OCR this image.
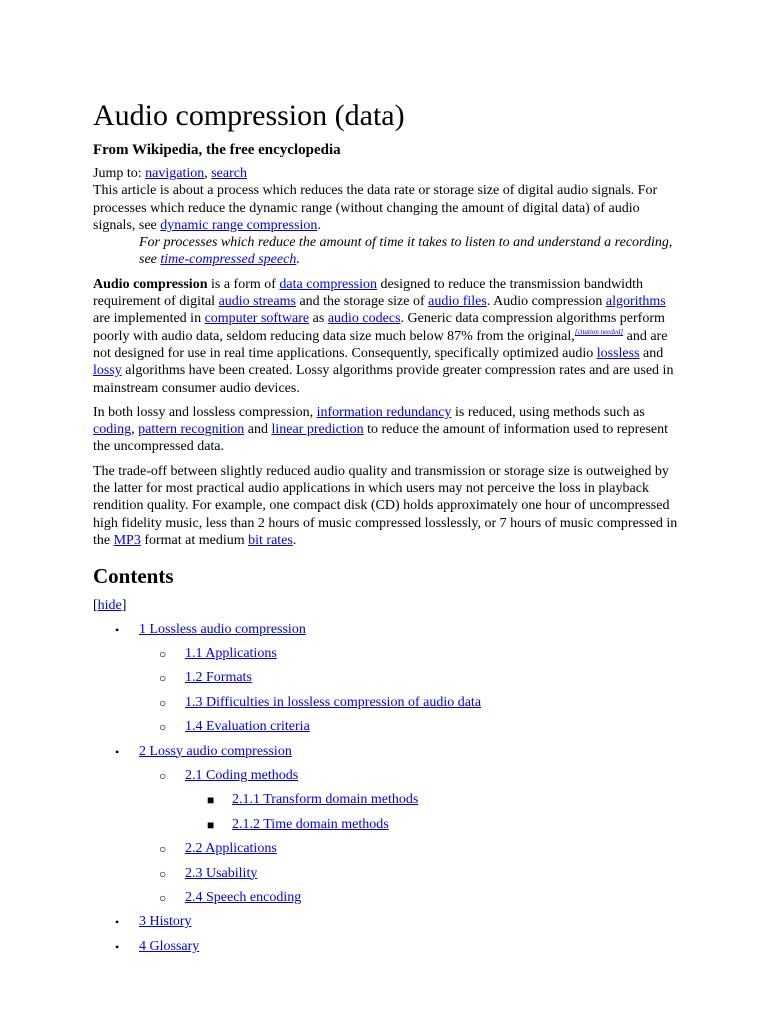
Audio compression (data)
From Wikipedia, the free encyclopedia

Jump to: navigation, search

This article is about a process which reduces the data rate or storage size of digital audio signals. For processes which reduce the dynamic range (without changing the amount of digital data) of audio signals, see dynamic range compression.

For processes which reduce the amount of time it takes to listen to and understand a recording, see time-compressed speech.

Audio compression is a form of data compression designed to reduce the transmission bandwidth requirement of digital audio streams and the storage size of audio files. Audio compression algorithms are implemented in computer software as audio codecs. Generic data compression algorithms perform poorly with audio data, seldom reducing data size much below 87% from the original,[citation needed] and are not designed for use in real time applications. Consequently, specifically optimized audio lossless and lossy algorithms have been created. Lossy algorithms provide greater compression rates and are used in mainstream consumer audio devices.

In both lossy and lossless compression, information redundancy is reduced, using methods such as coding, pattern recognition and linear prediction to reduce the amount of information used to represent the uncompressed data.

The trade-off between slightly reduced audio quality and transmission or storage size is outweighed by the latter for most practical audio applications in which users may not perceive the loss in playback rendition quality. For example, one compact disk (CD) holds approximately one hour of uncompressed high fidelity music, less than 2 hours of music compressed losslessly, or 7 hours of music compressed in the MP3 format at medium bit rates.

Contents
[hide]
• 1 Lossless audio compression
○ 1.1 Applications
○ 1.2 Formats
○ 1.3 Difficulties in lossless compression of audio data
○ 1.4 Evaluation criteria
• 2 Lossy audio compression
○ 2.1 Coding methods
■ 2.1.1 Transform domain methods
■ 2.1.2 Time domain methods
○ 2.2 Applications
○ 2.3 Usability
○ 2.4 Speech encoding
• 3 History
• 4 Glossary
